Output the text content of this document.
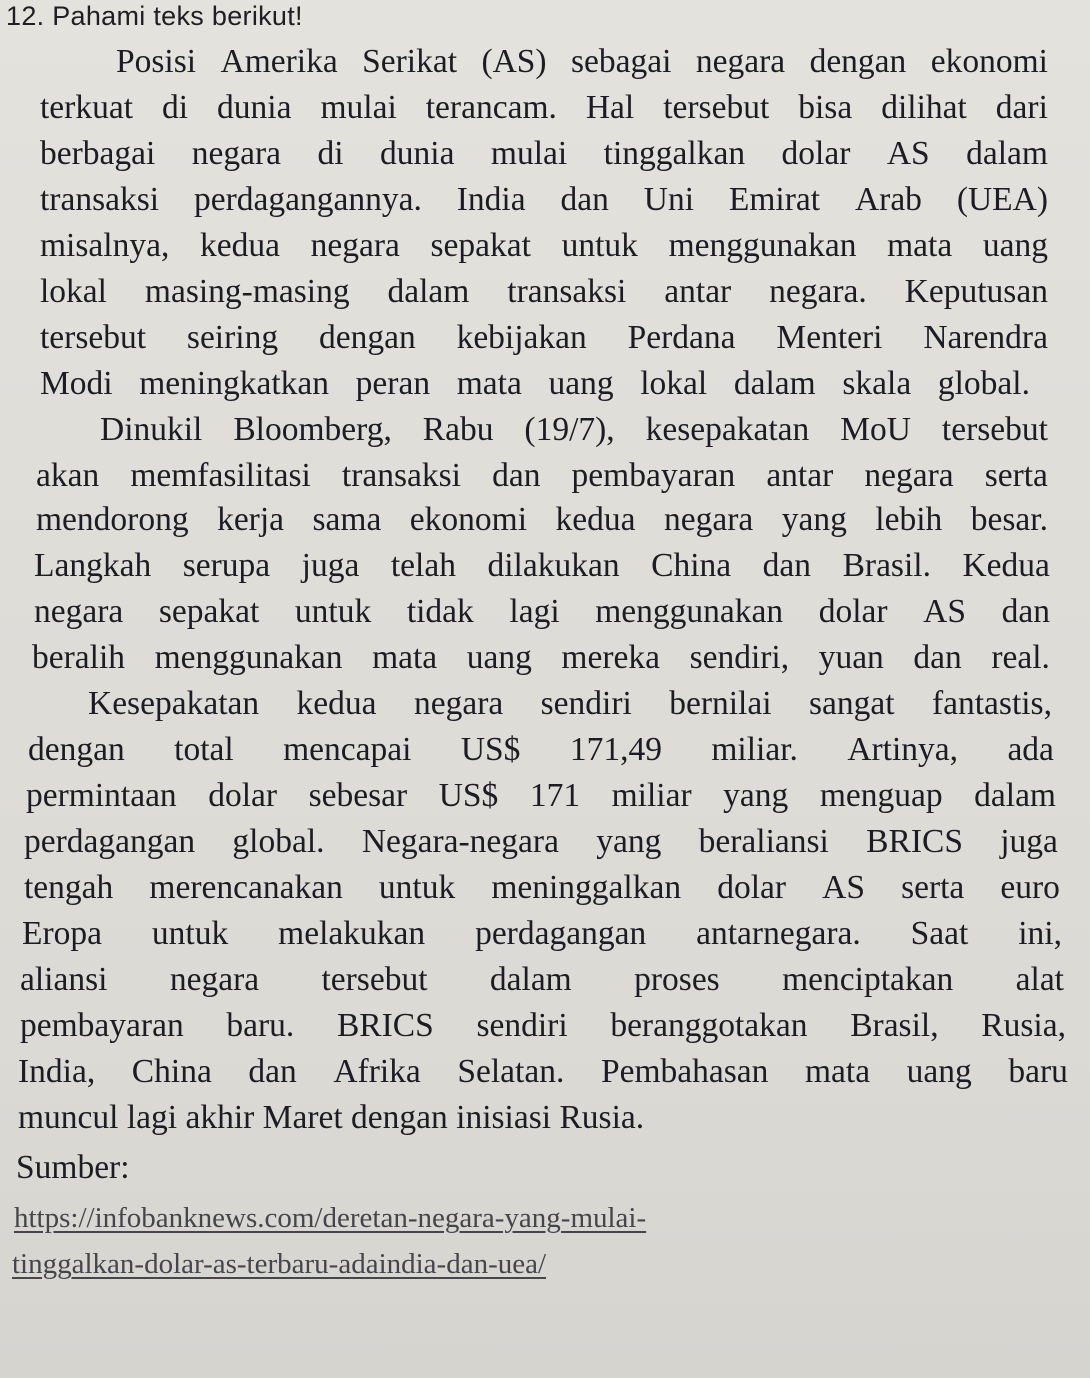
12. Pahami teks berikut!
Posisi Amerika Serikat (AS) sebagai negara dengan ekonomi
terkuat di dunia mulai terancam. Hal tersebut bisa dilihat dari
berbagai negara di dunia mulai tinggalkan dolar AS dalam
transaksi perdagangannya. India dan Uni Emirat Arab (UEA)
misalnya, kedua negara sepakat untuk menggunakan mata uang
lokal masing-masing dalam transaksi antar negara. Keputusan
tersebut seiring dengan kebijakan Perdana Menteri Narendra
Modi meningkatkan peran mata uang lokal dalam skala global.
Dinukil Bloomberg, Rabu (19/7), kesepakatan MoU tersebut
akan memfasilitasi transaksi dan pembayaran antar negara serta
mendorong kerja sama ekonomi kedua negara yang lebih besar.
Langkah serupa juga telah dilakukan China dan Brasil. Kedua
negara sepakat untuk tidak lagi menggunakan dolar AS dan
beralih menggunakan mata uang mereka sendiri, yuan dan real.
Kesepakatan kedua negara sendiri bernilai sangat fantastis,
dengan total mencapai US$ 171,49 miliar. Artinya, ada
permintaan dolar sebesar US$ 171 miliar yang menguap dalam
perdagangan global. Negara-negara yang beraliansi BRICS juga
tengah merencanakan untuk meninggalkan dolar AS serta euro
Eropa untuk melakukan perdagangan antarnegara. Saat ini,
aliansi negara tersebut dalam proses menciptakan alat
pembayaran baru. BRICS sendiri beranggotakan Brasil, Rusia,
India, China dan Afrika Selatan. Pembahasan mata uang baru
muncul lagi akhir Maret dengan inisiasi Rusia.
Sumber:
https://infobanknews.com/deretan-negara-yang-mulai-
tinggalkan-dolar-as-terbaru-adaindia-dan-uea/
